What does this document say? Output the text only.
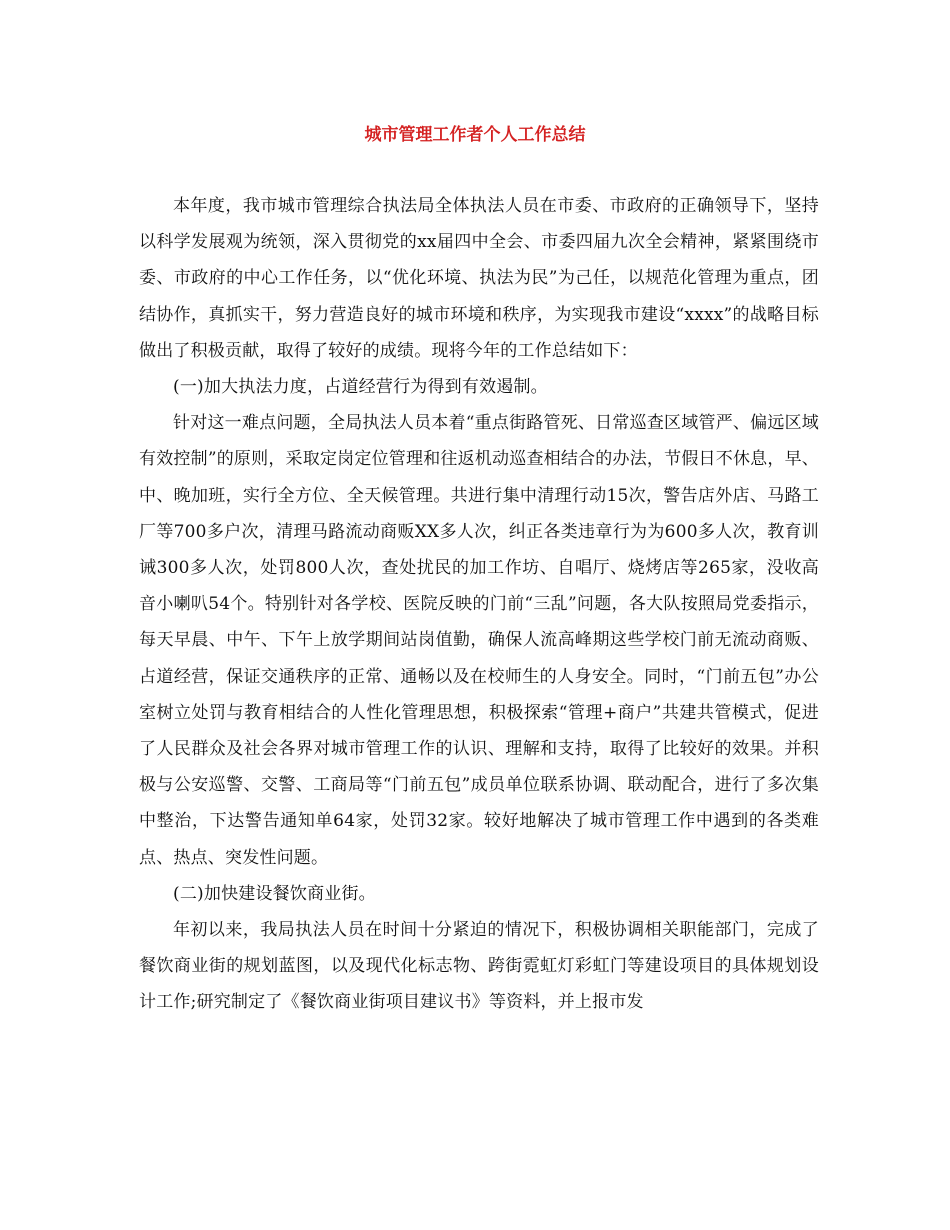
城市管理工作者个人工作总结

本年度，我市城市管理综合执法局全体执法人员在市委、市政府的正确领导下，坚持以科学发展观为统领，深入贯彻党的xx届四中全会、市委四届九次全会精神，紧紧围绕市委、市政府的中心工作任务，以“优化环境、执法为民”为己任，以规范化管理为重点，团结协作，真抓实干，努力营造良好的城市环境和秩序，为实现我市建设“xxxx”的战略目标做出了积极贡献，取得了较好的成绩。现将今年的工作总结如下：

(一)加大执法力度，占道经营行为得到有效遏制。

针对这一难点问题，全局执法人员本着“重点街路管死、日常巡查区域管严、偏远区域有效控制”的原则，采取定岗定位管理和往返机动巡查相结合的办法，节假日不休息，早、中、晚加班，实行全方位、全天候管理。共进行集中清理行动15次，警告店外店、马路工厂等700多户次，清理马路流动商贩XX多人次，纠正各类违章行为为600多人次，教育训诫300多人次，处罚800人次，查处扰民的加工作坊、自唱厅、烧烤店等265家，没收高音小喇叭54个。特别针对各学校、医院反映的门前“三乱”问题，各大队按照局党委指示，每天早晨、中午、下午上放学期间站岗值勤，确保人流高峰期这些学校门前无流动商贩、占道经营，保证交通秩序的正常、通畅以及在校师生的人身安全。同时，“门前五包”办公室树立处罚与教育相结合的人性化管理思想，积极探索“管理+商户”共建共管模式，促进了人民群众及社会各界对城市管理工作的认识、理解和支持，取得了比较好的效果。并积极与公安巡警、交警、工商局等“门前五包”成员单位联系协调、联动配合，进行了多次集中整治，下达警告通知单64家，处罚32家。较好地解决了城市管理工作中遇到的各类难点、热点、突发性问题。

(二)加快建设餐饮商业街。

年初以来，我局执法人员在时间十分紧迫的情况下，积极协调相关职能部门，完成了餐饮商业街的规划蓝图，以及现代化标志物、跨街霓虹灯彩虹门等建设项目的具体规划设计工作;研究制定了《餐饮商业街项目建议书》等资料，并上报市发
